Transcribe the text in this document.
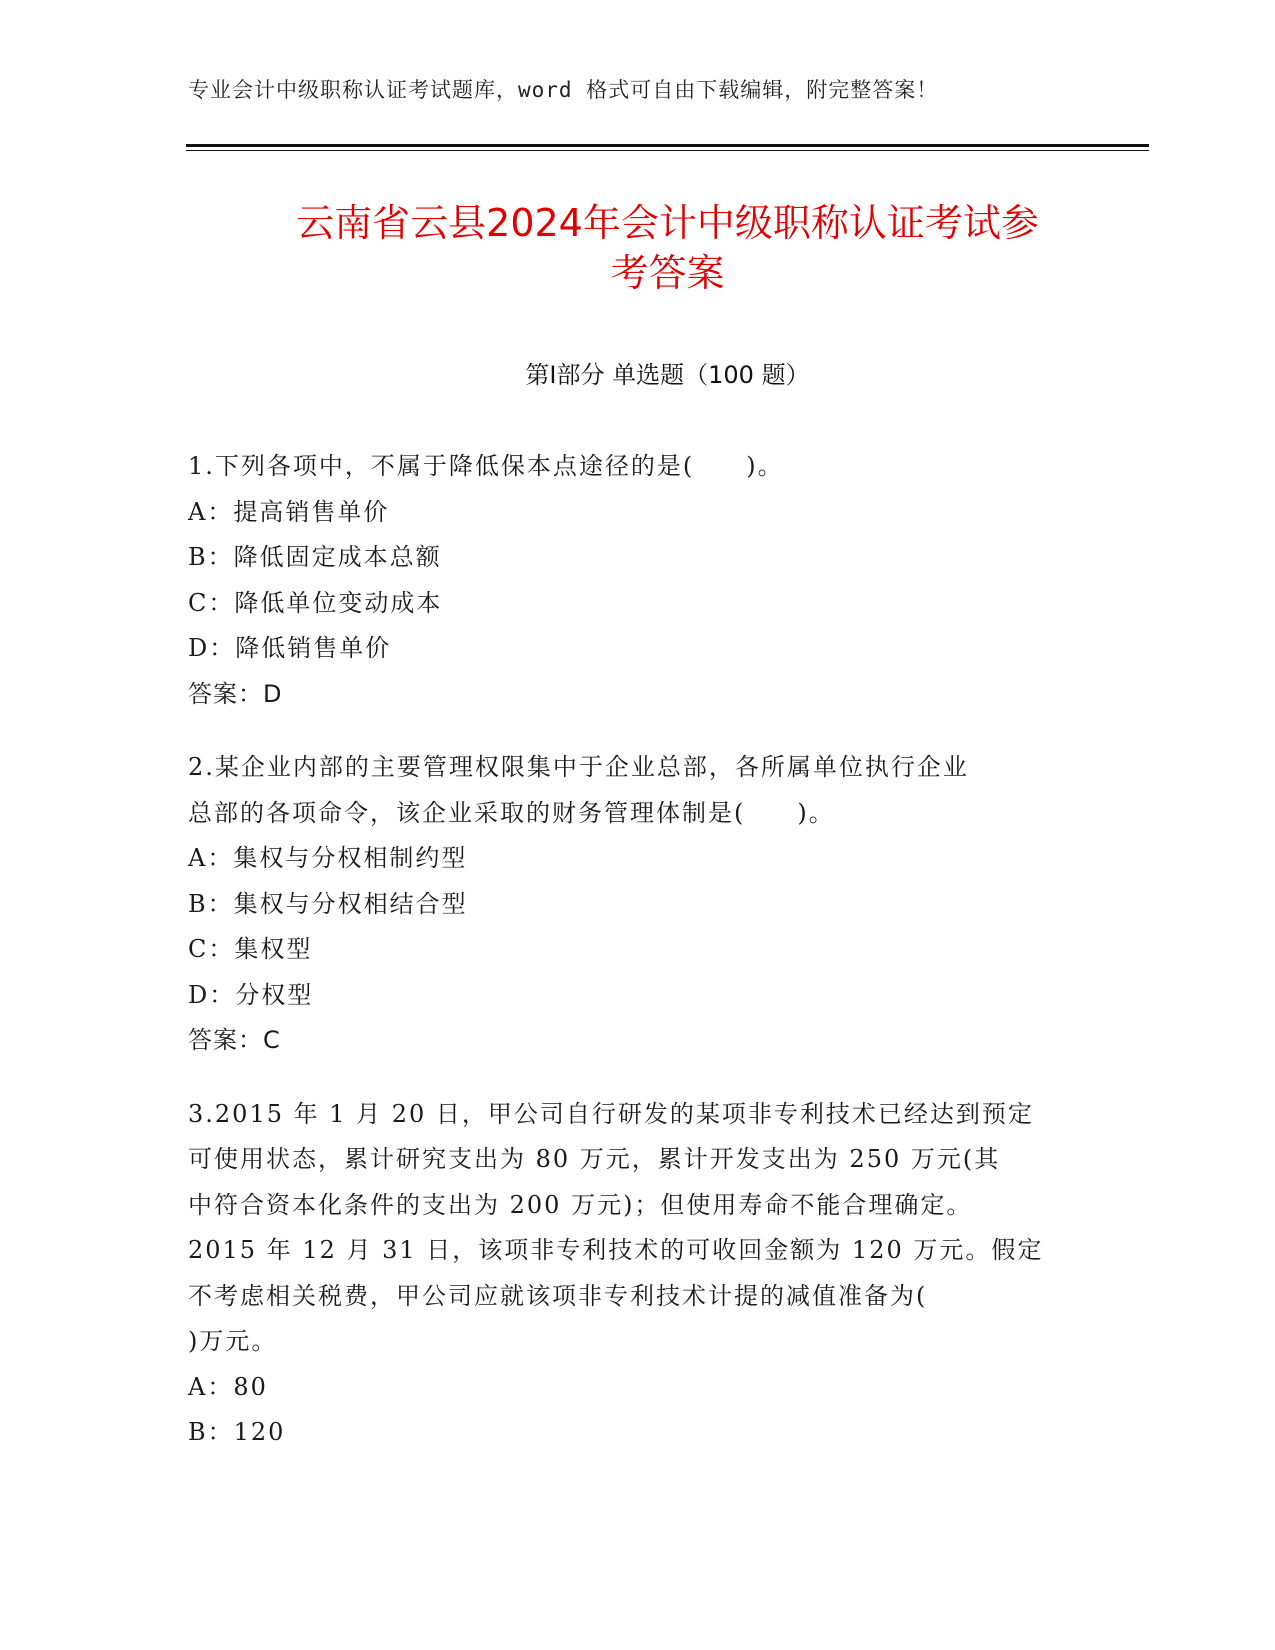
专业会计中级职称认证考试题库，word 格式可自由下载编辑，附完整答案！
云南省云县2024年会计中级职称认证考试参
考答案
第Ⅰ部分 单选题（100 题）
1.下列各项中，不属于降低保本点途径的是(　　)。
A：提高销售单价
B：降低固定成本总额
C：降低单位变动成本
D：降低销售单价
答案：D
2.某企业内部的主要管理权限集中于企业总部，各所属单位执行企业
总部的各项命令，该企业采取的财务管理体制是(　　)。
A：集权与分权相制约型
B：集权与分权相结合型
C：集权型
D：分权型
答案：C
3.2015 年 1 月 20 日，甲公司自行研发的某项非专利技术已经达到预定
可使用状态，累计研究支出为 80 万元，累计开发支出为 250 万元(其
中符合资本化条件的支出为 200 万元)；但使用寿命不能合理确定。
2015 年 12 月 31 日，该项非专利技术的可收回金额为 120 万元。假定
不考虑相关税费，甲公司应就该项非专利技术计提的减值准备为(
)万元。
A：80
B：120
